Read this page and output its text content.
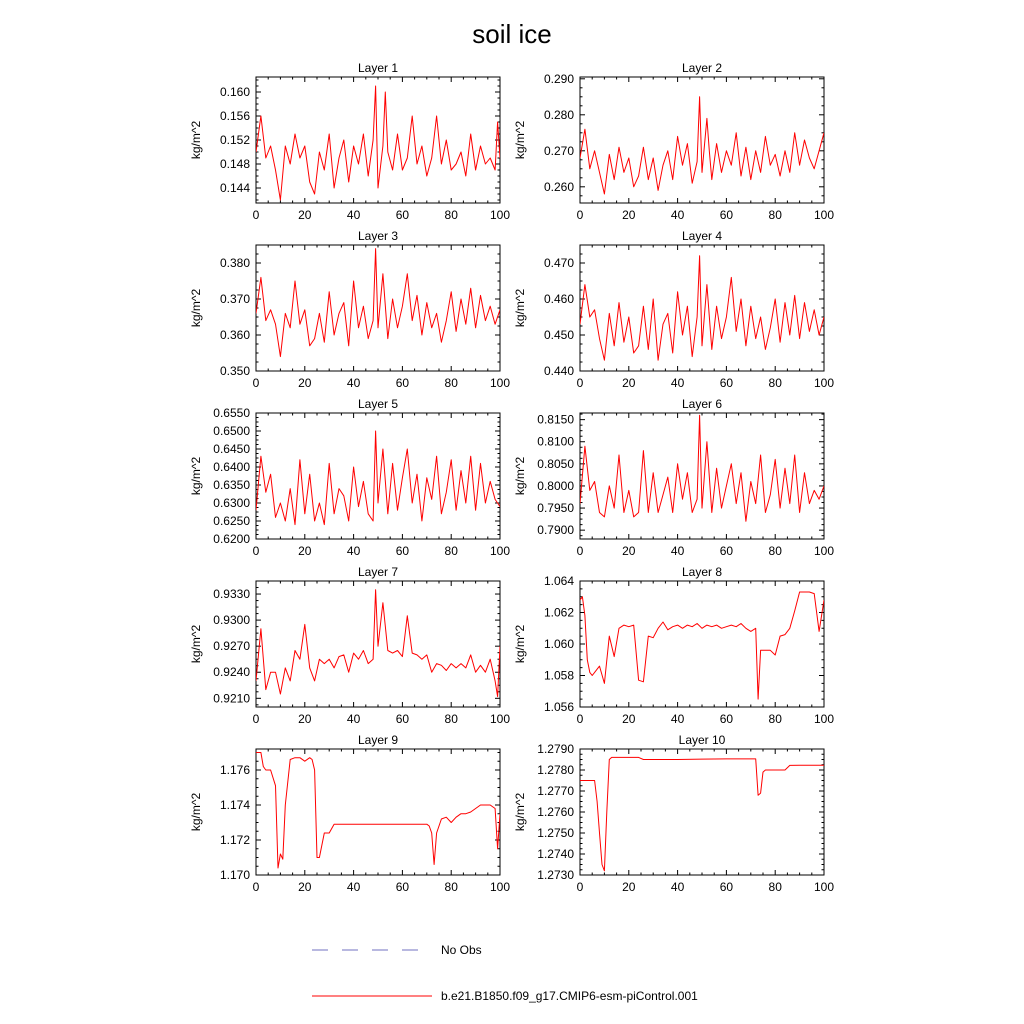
soil ice
Layer 1
kg/m^2
0	20	40	60	80	100
0.144
0.148
0.152
0.156
0.160
Layer 2
kg/m^2
0	20	40	60	80	100
0.260
0.270
0.280
0.290
Layer 3
kg/m^2
0	20	40	60	80	100
0.350
0.360
0.370
0.380
Layer 4
kg/m^2
0	20	40	60	80	100
0.440
0.450
0.460
0.470
Layer 5
kg/m^2
0	20	40	60	80	100
0.6200
0.6250
0.6300
0.6350
0.6400
0.6450
0.6500
0.6550
Layer 6
kg/m^2
0	20	40	60	80	100
0.7900
0.7950
0.8000
0.8050
0.8100
0.8150
Layer 7
kg/m^2
0	20	40	60	80	100
0.9210
0.9240
0.9270
0.9300
0.9330
Layer 8
kg/m^2
0	20	40	60	80	100
1.056
1.058
1.060
1.062
1.064
Layer 9
kg/m^2
0	20	40	60	80	100
1.170
1.172
1.174
1.176
Layer 10
kg/m^2
0	20	40	60	80	100
1.2730
1.2740
1.2750
1.2760
1.2770
1.2780
1.2790
No Obs
b.e21.B1850.f09_g17.CMIP6-esm-piControl.001
